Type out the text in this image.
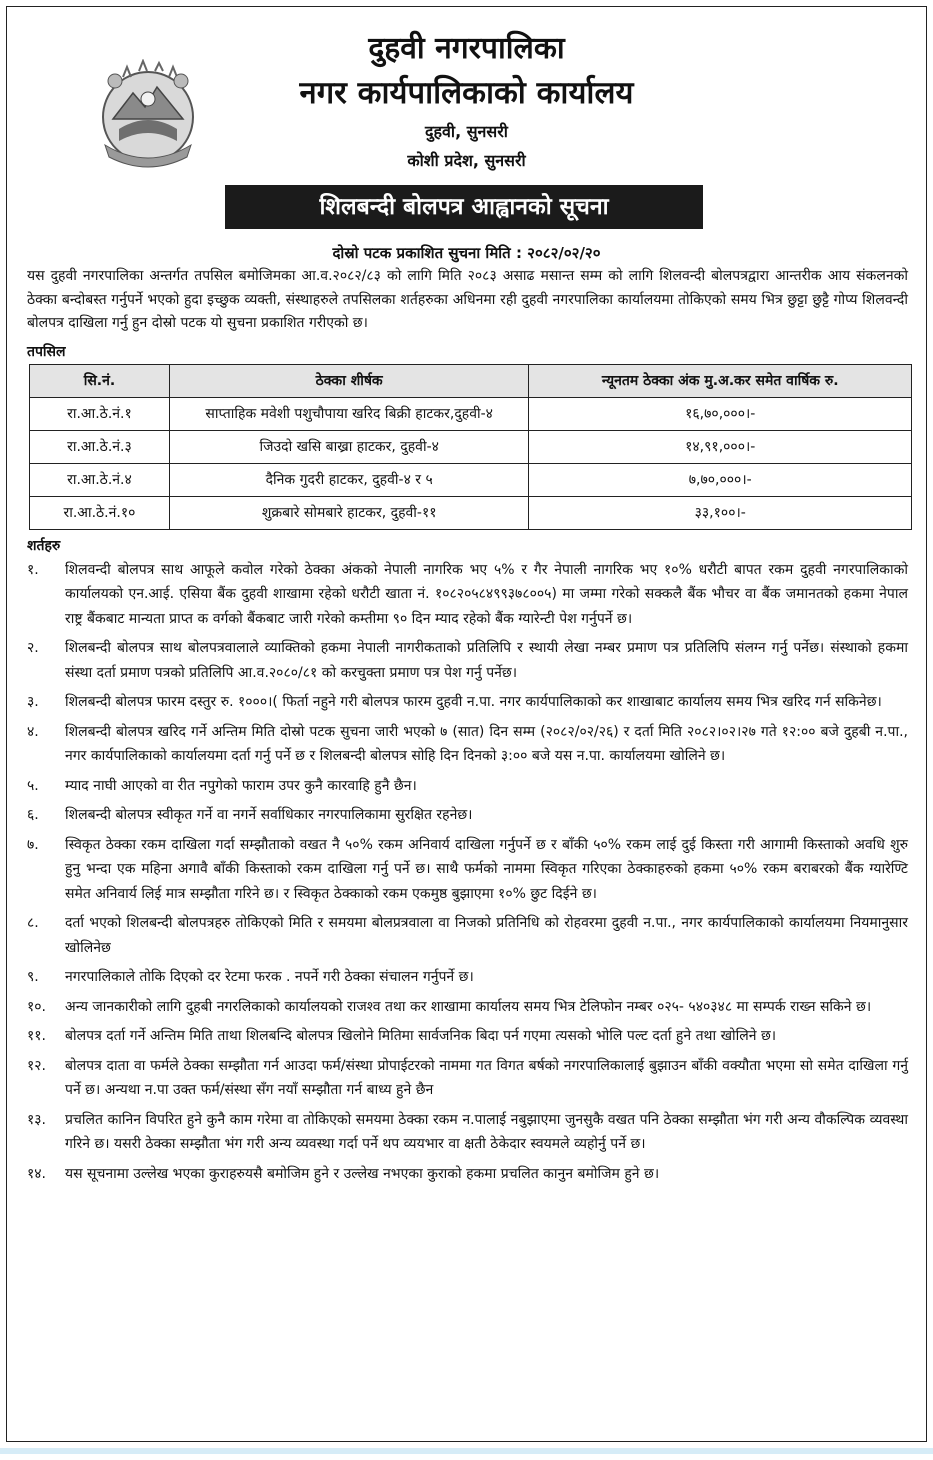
दुहवी नगरपालिका
नगर कार्यपालिकाको कार्यालय
दुहवी, सुनसरी
कोशी प्रदेश, सुनसरी
शिलबन्दी बोलपत्र आह्वानको सूचना
दोस्रो पटक प्रकाशित सुचना मिति : २०८२/०२/२०
यस दुहवी नगरपालिका अन्तर्गत तपसिल बमोजिमका आ.व.२०८२/८३ को लागि मिति २०८३ असाढ मसान्त सम्म को लागि शिलवन्दी बोलपत्रद्वारा आन्तरीक आय संकलनको ठेक्का बन्दोबस्त गर्नुपर्ने भएको हुदा इच्छुक व्यक्ती, संस्थाहरुले तपसिलका शर्तहरुका अधिनमा रही दुहवी नगरपालिका कार्यालयमा तोकिएको समय भित्र छुट्टा छुट्टै गोप्य शिलवन्दी बोलपत्र दाखिला गर्नु हुन दोस्रो पटक यो सुचना प्रकाशित गरीएको छ।
तपसिल
सि.नं.	ठेक्का शीर्षक	न्यूनतम ठेक्का अंक मु.अ.कर समेत वार्षिक रु.
रा.आ.ठे.नं.१	साप्ताहिक मवेशी पशुचौपाया खरिद बिक्री हाटकर,दुहवी-४	१६,७०,०००।-
रा.आ.ठे.नं.३	जिउदो खसि बाख्रा हाटकर, दुहवी-४	१४,९१,०००।-
रा.आ.ठे.नं.४	दैनिक गुदरी हाटकर, दुहवी-४ र ५	७,७०,०००।-
रा.आ.ठे.नं.१०	शुक्रबारे सोमबारे हाटकर, दुहवी-११	३३,१००।-
शर्तहरु
१.	शिलवन्दी बोलपत्र साथ आफूले कवोल गरेको ठेक्का अंकको नेपाली नागरिक भए ५% र गैर नेपाली नागरिक भए १०% धरौटी बापत रकम दुहवी नगरपालिकाको कार्यालयको एन.आई. एसिया बैंक दुहवी शाखामा रहेको धरौटी खाता नं. १०८२०५८४९९३७८००५) मा जम्मा गरेको सक्कलै बैंक भौचर वा बैंक जमानतको हकमा नेपाल राष्ट्र बैंकबाट मान्यता प्राप्त क वर्गको बैंकबाट जारी गरेको कम्तीमा ९० दिन म्याद रहेको बैंक ग्यारेन्टी पेश गर्नुपर्ने छ।
२.	शिलबन्दी बोलपत्र साथ बोलपत्रवालाले व्याक्तिको हकमा नेपाली नागरीकताको प्रतिलिपि र स्थायी लेखा नम्बर प्रमाण पत्र प्रतिलिपि संलग्न गर्नु पर्नेछ। संस्थाको हकमा संस्था दर्ता प्रमाण पत्रको प्रतिलिपि आ.व.२०८०/८१ को करचुक्ता प्रमाण पत्र पेश गर्नु पर्नेछ।
३.	शिलबन्दी बोलपत्र फारम दस्तुर रु. १०००।( फिर्ता नहुने गरी बोलपत्र फारम दुहवी न.पा. नगर कार्यपालिकाको कर शाखाबाट कार्यालय समय भित्र खरिद गर्न सकिनेछ।
४.	शिलबन्दी बोलपत्र खरिद गर्ने अन्तिम मिति दोस्रो पटक सुचना जारी भएको ७ (सात) दिन सम्म (२०८२/०२/२६) र दर्ता मिति २०८२।०२।२७ गते १२:०० बजे दुहबी न.पा., नगर कार्यपालिकाको कार्यालयमा दर्ता गर्नु पर्ने छ र शिलबन्दी बोलपत्र सोहि दिन दिनको ३:०० बजे यस न.पा. कार्यालयमा खोलिने छ।
५.	म्याद नाघी आएको वा रीत नपुगेको फाराम उपर कुनै कारवाहि हुनै छैन।
६.	शिलबन्दी बोलपत्र स्वीकृत गर्ने वा नगर्ने सर्वाधिकार नगरपालिकामा सुरक्षित रहनेछ।
७.	स्विकृत ठेक्का रकम दाखिला गर्दा सम्झौताको वखत नै ५०% रकम अनिवार्य दाखिला गर्नुपर्ने छ र बाँकी ५०% रकम लाई दुई किस्ता गरी आगामी किस्ताको अवधि शुरु हुनु भन्दा एक महिना अगावै बाँकी किस्ताको रकम दाखिला गर्नु पर्ने छ। साथै फर्मको नाममा स्विकृत गरिएका ठेक्काहरुको हकमा ५०% रकम बराबरको बैंक ग्यारेण्टि समेत अनिवार्य लिई मात्र सम्झौता गरिने छ। र स्विकृत ठेक्काको रकम एकमुष्ठ बुझाएमा १०% छुट दिईने छ।
८.	दर्ता भएको शिलबन्दी बोलपत्रहरु तोकिएको मिति र समयमा बोलप्रत्रवाला वा निजको प्रतिनिधि को रोहवरमा दुहवी न.पा., नगर कार्यपालिकाको कार्यालयमा नियमानुसार खोलिनेछ
९.	नगरपालिकाले तोकि दिएको दर रेटमा फरक . नपर्ने गरी ठेक्का संचालन गर्नुपर्ने छ।
१०.	अन्य जानकारीको लागि दुहबी नगरलिकाको कार्यालयको राजश्व तथा कर शाखामा कार्यालय समय भित्र टेलिफोन नम्बर ०२५- ५४०३४८ मा सम्पर्क राख्न सकिने छ।
११.	बोलपत्र दर्ता गर्ने अन्तिम मिति ताथा शिलबन्दि बोलपत्र खिलोने मितिमा सार्वजनिक बिदा पर्न गएमा त्यसको भोलि पल्ट दर्ता हुने तथा खोलिने छ।
१२.	बोलपत्र दाता वा फर्मले ठेक्का सम्झौता गर्न आउदा फर्म/संस्था प्रोपाईटरको नाममा गत विगत बर्षको नगरपालिकालाई बुझाउन बाँकी वक्यौता भएमा सो समेत दाखिला गर्नु पर्ने छ। अन्यथा न.पा उक्त फर्म/संस्था सँग नयाँ सम्झौता गर्न बाध्य हुने छैन
१३.	प्रचलित कानिन विपरित हुने कुनै काम गरेमा वा तोकिएको समयमा ठेक्का रकम न.पालाई नबुझाएमा जुनसुकै वखत पनि ठेक्का सम्झौता भंग गरी अन्य वौकल्पिक व्यवस्था गरिने छ। यसरी ठेक्का सम्झौता भंग गरी अन्य व्यवस्था गर्दा पर्ने थप व्ययभार वा क्षती ठेकेदार स्वयमले व्यहोर्नु पर्ने छ।
१४.	यस सूचनामा उल्लेख भएका कुराहरुयसै बमोजिम हुने र उल्लेख नभएका कुराको हकमा प्रचलित कानुन बमोजिम हुने छ।
